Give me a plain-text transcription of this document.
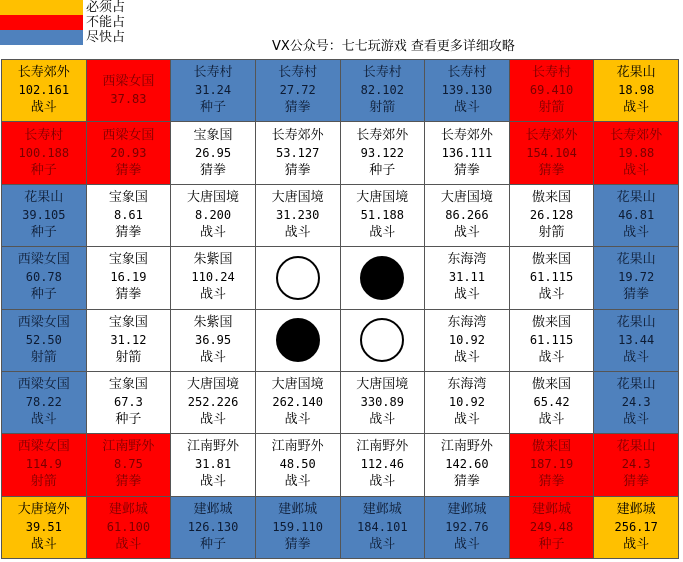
必须占
不能占
尽快占
VX公众号：七七玩游戏 查看更多详细攻略
长寿郊外
102.161
战斗
西梁女国
37.83
长寿村
31.24
种子
长寿村
27.72
猜拳
长寿村
82.102
射箭
长寿村
139.130
战斗
长寿村
69.410
射箭
花果山
18.98
战斗
长寿村
100.188
种子
西梁女国
20.93
猜拳
宝象国
26.95
猜拳
长寿郊外
53.127
猜拳
长寿郊外
93.122
种子
长寿郊外
136.111
猜拳
长寿郊外
154.104
猜拳
长寿郊外
19.88
战斗
花果山
39.105
种子
宝象国
8.61
猜拳
大唐国境
8.200
战斗
大唐国境
31.230
战斗
大唐国境
51.188
战斗
大唐国境
86.266
战斗
傲来国
26.128
射箭
花果山
46.81
战斗
西梁女国
60.78
种子
宝象国
16.19
猜拳
朱紫国
110.24
战斗
东海湾
31.11
战斗
傲来国
61.115
战斗
花果山
19.72
猜拳
西梁女国
52.50
射箭
宝象国
31.12
射箭
朱紫国
36.95
战斗
东海湾
10.92
战斗
傲来国
61.115
战斗
花果山
13.44
战斗
西梁女国
78.22
战斗
宝象国
67.3
种子
大唐国境
252.226
战斗
大唐国境
262.140
战斗
大唐国境
330.89
战斗
东海湾
10.92
战斗
傲来国
65.42
战斗
花果山
24.3
战斗
西梁女国
114.9
射箭
江南野外
8.75
猜拳
江南野外
31.81
战斗
江南野外
48.50
战斗
江南野外
112.46
战斗
江南野外
142.60
猜拳
傲来国
187.19
猜拳
花果山
24.3
猜拳
大唐境外
39.51
战斗
建邺城
61.100
战斗
建邺城
126.130
种子
建邺城
159.110
猜拳
建邺城
184.101
战斗
建邺城
192.76
战斗
建邺城
249.48
种子
建邺城
256.17
战斗
